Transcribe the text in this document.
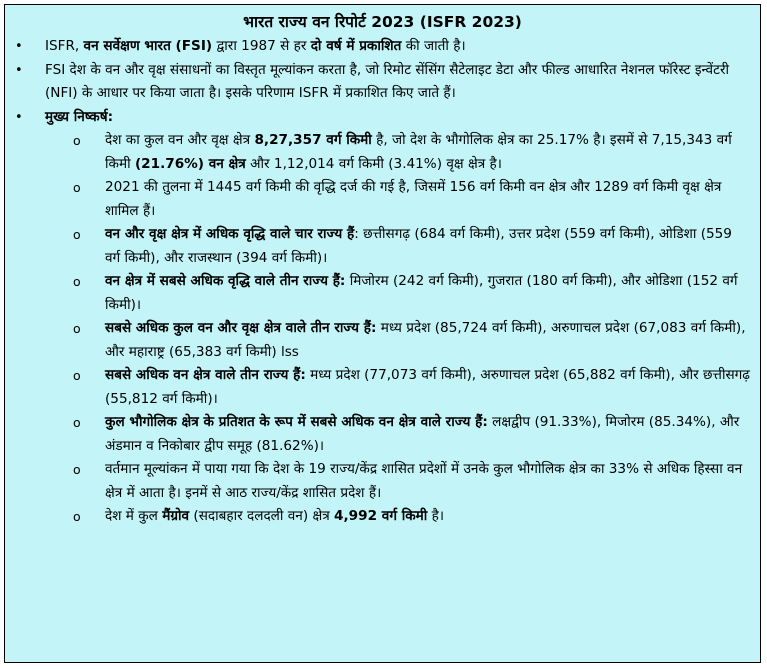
भारत राज्य वन रिपोर्ट 2023 (ISFR 2023)
• ISFR, वन सर्वेक्षण भारत (FSI) द्वारा 1987 से हर दो वर्ष में प्रकाशित की जाती है।
• FSI देश के वन और वृक्ष संसाधनों का विस्तृत मूल्यांकन करता है, जो रिमोट सेंसिंग सैटेलाइट डेटा और फील्ड आधारित नेशनल फॉरेस्ट इन्वेंटरी (NFI) के आधार पर किया जाता है। इसके परिणाम ISFR में प्रकाशित किए जाते हैं।
• मुख्य निष्कर्ष:
o देश का कुल वन और वृक्ष क्षेत्र 8,27,357 वर्ग किमी है, जो देश के भौगोलिक क्षेत्र का 25.17% है। इसमें से 7,15,343 वर्ग किमी (21.76%) वन क्षेत्र और 1,12,014 वर्ग किमी (3.41%) वृक्ष क्षेत्र है।
o 2021 की तुलना में 1445 वर्ग किमी की वृद्धि दर्ज की गई है, जिसमें 156 वर्ग किमी वन क्षेत्र और 1289 वर्ग किमी वृक्ष क्षेत्र शामिल हैं।
o वन और वृक्ष क्षेत्र में अधिक वृद्धि वाले चार राज्य हैं: छत्तीसगढ़ (684 वर्ग किमी), उत्तर प्रदेश (559 वर्ग किमी), ओडिशा (559 वर्ग किमी), और राजस्थान (394 वर्ग किमी)।
o वन क्षेत्र में सबसे अधिक वृद्धि वाले तीन राज्य हैं: मिजोरम (242 वर्ग किमी), गुजरात (180 वर्ग किमी), और ओडिशा (152 वर्ग किमी)।
o सबसे अधिक कुल वन और वृक्ष क्षेत्र वाले तीन राज्य हैं: मध्य प्रदेश (85,724 वर्ग किमी), अरुणाचल प्रदेश (67,083 वर्ग किमी), और महाराष्ट्र (65,383 वर्ग किमी) lss
o सबसे अधिक वन क्षेत्र वाले तीन राज्य हैं: मध्य प्रदेश (77,073 वर्ग किमी), अरुणाचल प्रदेश (65,882 वर्ग किमी), और छत्तीसगढ़ (55,812 वर्ग किमी)।
o कुल भौगोलिक क्षेत्र के प्रतिशत के रूप में सबसे अधिक वन क्षेत्र वाले राज्य हैं: लक्षद्वीप (91.33%), मिजोरम (85.34%), और अंडमान व निकोबार द्वीप समूह (81.62%)।
o वर्तमान मूल्यांकन में पाया गया कि देश के 19 राज्य/केंद्र शासित प्रदेशों में उनके कुल भौगोलिक क्षेत्र का 33% से अधिक हिस्सा वन क्षेत्र में आता है। इनमें से आठ राज्य/केंद्र शासित प्रदेश हैं।
o देश में कुल मैंग्रोव (सदाबहार दलदली वन) क्षेत्र 4,992 वर्ग किमी है।
